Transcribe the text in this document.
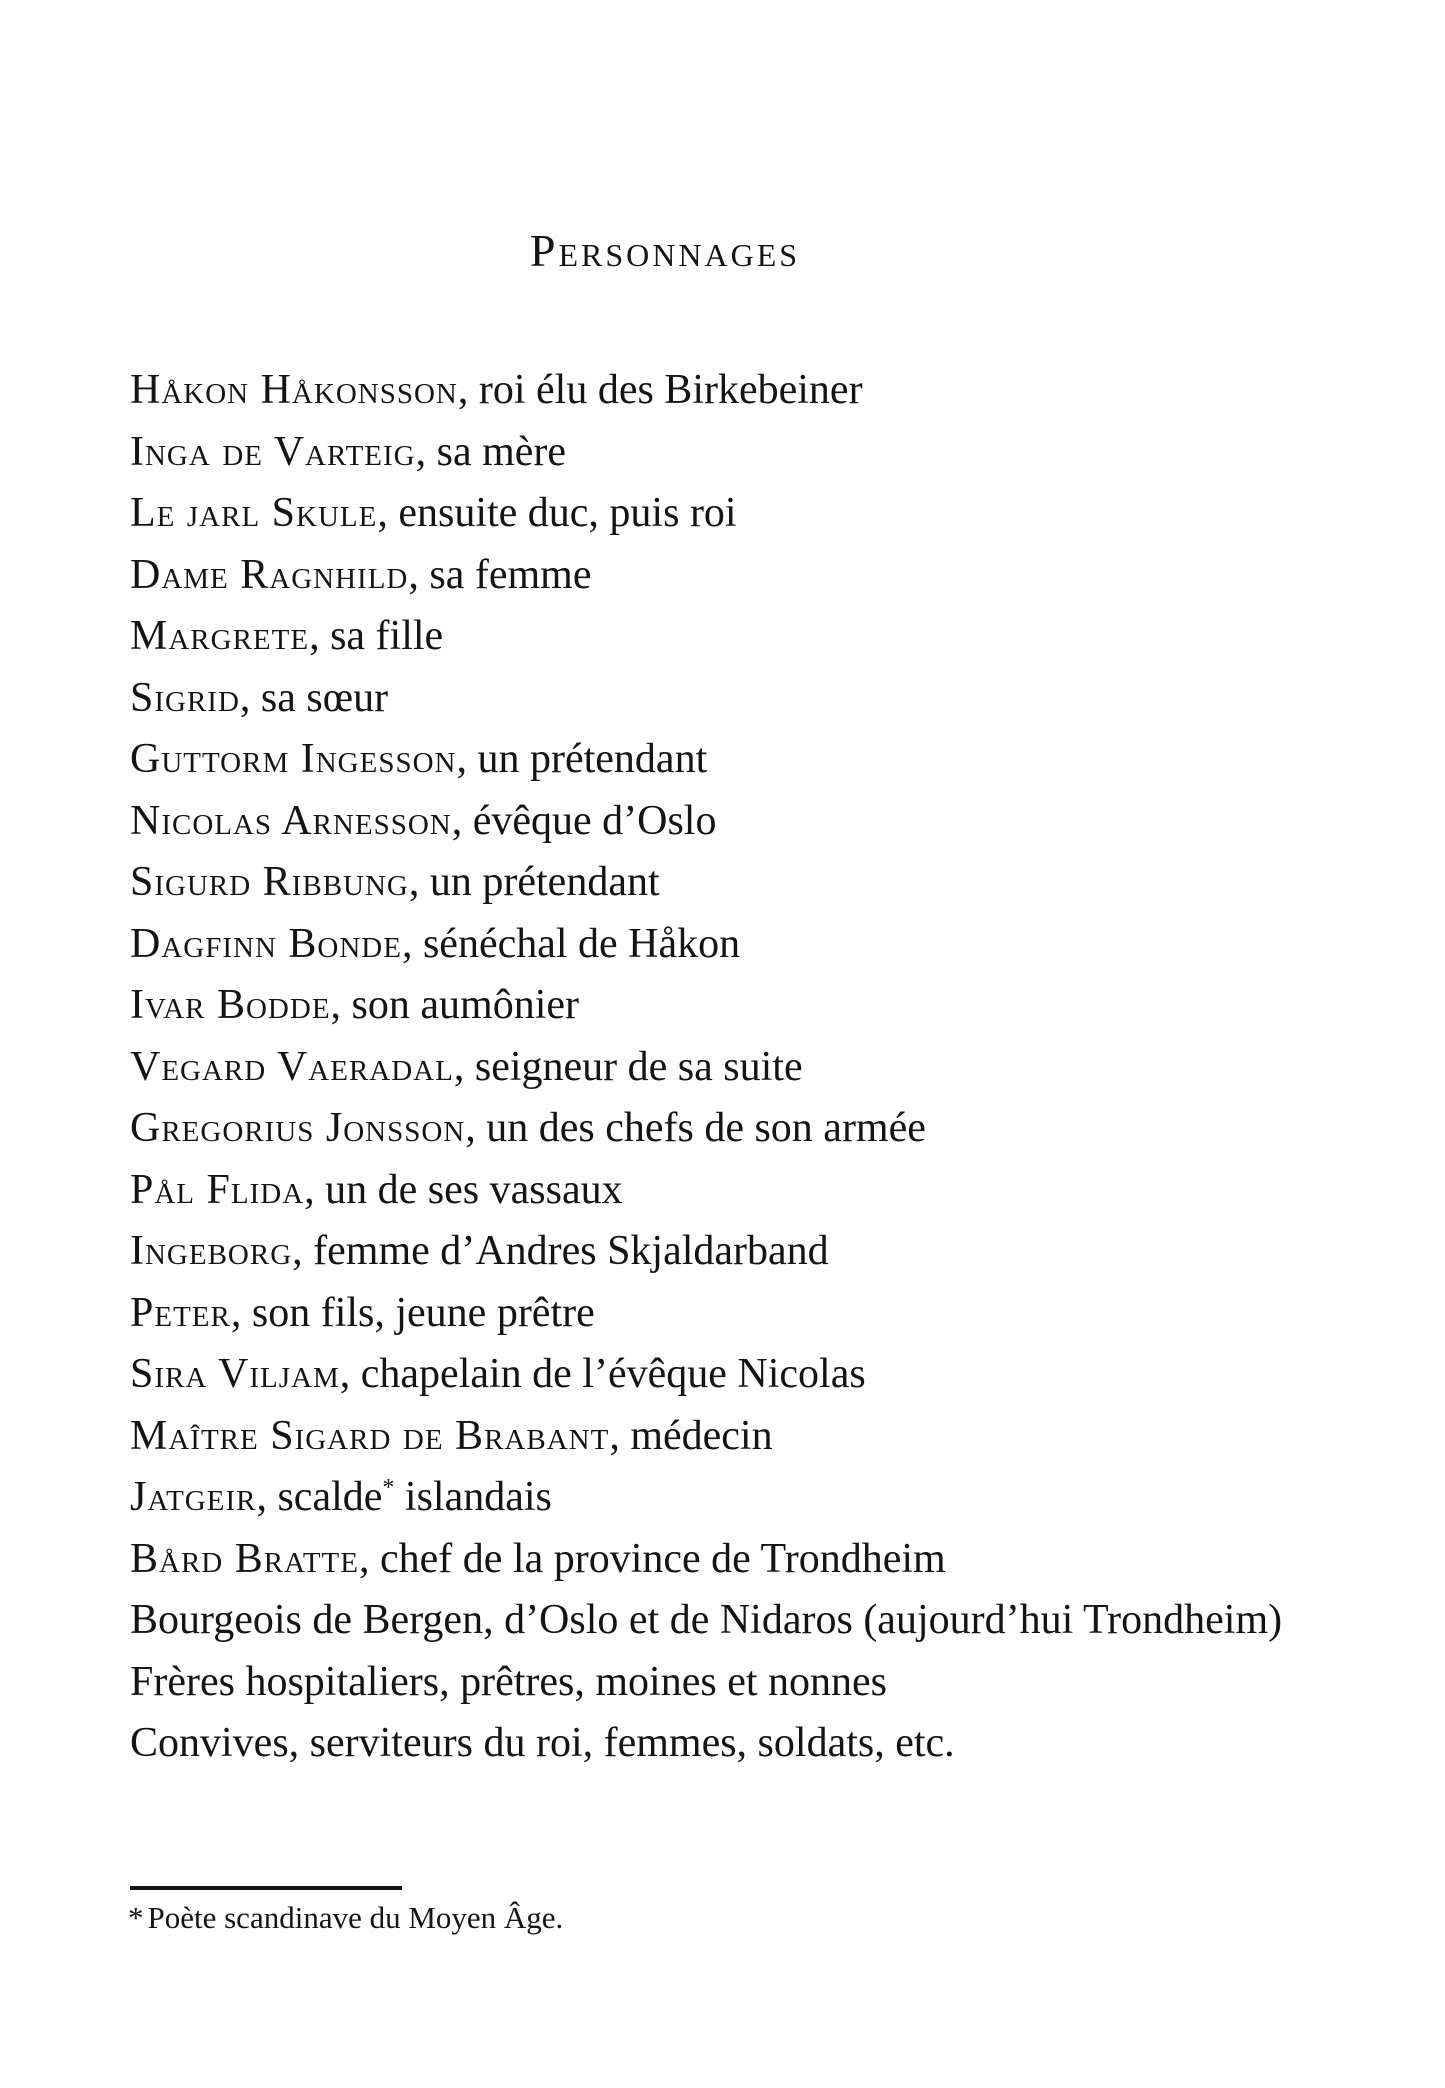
Personnages
Håkon Håkonsson, roi élu des Birkebeiner
Inga de Varteig, sa mère
Le jarl Skule, ensuite duc, puis roi
Dame Ragnhild, sa femme
Margrete, sa fille
Sigrid, sa sœur
Guttorm Ingesson, un prétendant
Nicolas Arnesson, évêque d’Oslo
Sigurd Ribbung, un prétendant
Dagfinn Bonde, sénéchal de Håkon
Ivar Bodde, son aumônier
Vegard Vaeradal, seigneur de sa suite
Gregorius Jonsson, un des chefs de son armée
Pål Flida, un de ses vassaux
Ingeborg, femme d’Andres Skjaldarband
Peter, son fils, jeune prêtre
Sira Viljam, chapelain de l’évêque Nicolas
Maître Sigard de Brabant, médecin
Jatgeir, scalde* islandais
Bård Bratte, chef de la province de Trondheim
Bourgeois de Bergen, d’Oslo et de Nidaros (aujourd’hui Trondheim)
Frères hospitaliers, prêtres, moines et nonnes
Convives, serviteurs du roi, femmes, soldats, etc.

* Poète scandinave du Moyen Âge.
